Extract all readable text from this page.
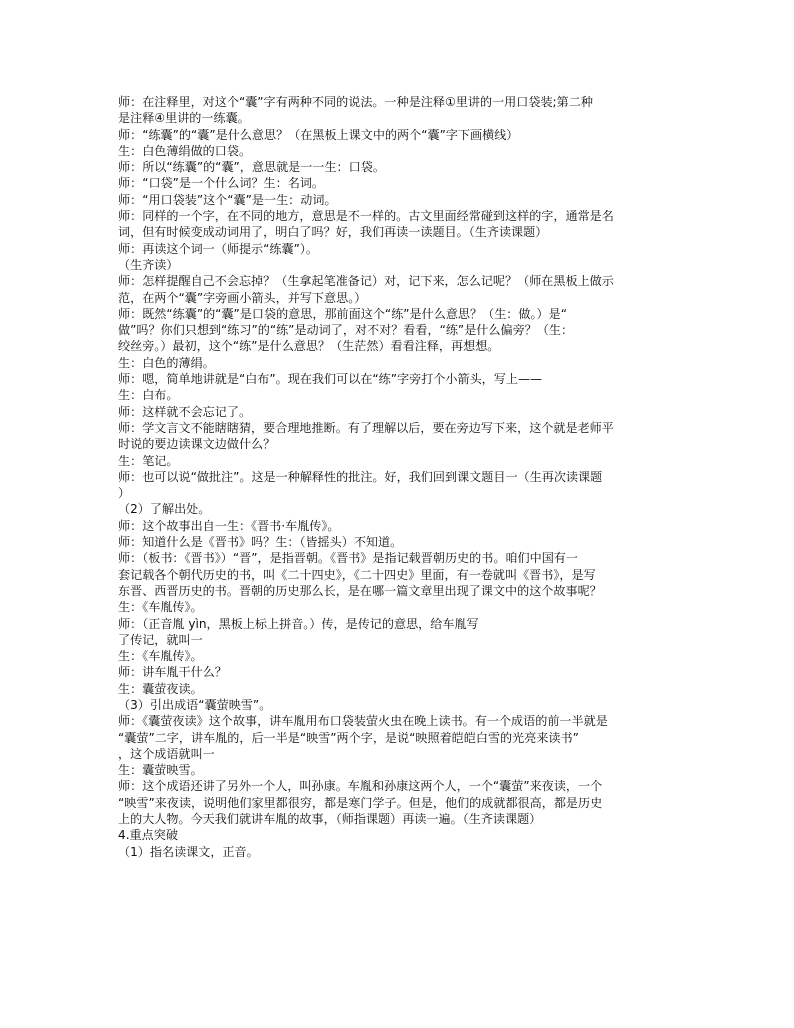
师：在注释里，对这个“囊”字有两种不同的说法。一种是注释①里讲的一用口袋装;第二种
是注释④里讲的一练囊。
师：“练囊”的“囊”是什么意思？（在黑板上课文中的两个“囊”字下画横线）
生：白色薄绢做的口袋。
师：所以“练囊”的“囊”，意思就是一一生：口袋。
师：“口袋”是一个什么词？生：名词。
师：“用口袋装”这个“囊”是一生：动词。
师：同样的一个字，在不同的地方，意思是不一样的。古文里面经常碰到这样的字，通常是名
词，但有时候变成动词用了，明白了吗？好，我们再读一读题目。（生齐读课题）
师：再读这个词一（师提示“练囊”）。
（生齐读）
师：怎样提醒自己不会忘掉？（生拿起笔准备记）对，记下来，怎么记呢？（师在黑板上做示
范，在两个“囊”字旁画小箭头，并写下意思。）
师：既然“练囊”的“囊”是口袋的意思，那前面这个“练”是什么意思？（生：做。）是“
做”吗？你们只想到“练习”的“练”是动词了，对不对？看看，“练”是什么偏旁？（生：
绞丝旁。）最初，这个“练”是什么意思？（生茫然）看看注释，再想想。
生：白色的薄绢。
师：嗯，简单地讲就是“白布”。现在我们可以在“练”字旁打个小箭头，写上——
生：白布。
师：这样就不会忘记了。
师：学文言文不能瞎瞎猜，要合理地推断。有了理解以后，要在旁边写下来，这个就是老师平
时说的要边读课文边做什么？
生：笔记。
师：也可以说“做批注”。这是一种解释性的批注。好，我们回到课文题目一（生再次读课题
）
（2）了解出处。
师：这个故事出自一生：《晋书·车胤传》。
师：知道什么是《晋书》吗？生：（皆摇头）不知道。
师：（板书：《晋书》）“晋”，是指晋朝。《晋书》是指记载晋朝历史的书。咱们中国有一
套记载各个朝代历史的书，叫《二十四史》，《二十四史》里面，有一卷就叫《晋书》，是写
东晋、西晋历史的书。晋朝的历史那么长，是在哪一篇文章里出现了课文中的这个故事呢？
生：《车胤传》。
师：（正音胤 yìn，黑板上标上拼音。）传，是传记的意思，给车胤写
了传记，就叫一
生：《车胤传》。
师：讲车胤干什么？
生：囊萤夜读。
（3）引出成语“囊萤映雪”。
师：《囊萤夜读》这个故事，讲车胤用布口袋装萤火虫在晚上读书。有一个成语的前一半就是
“囊萤”二字，讲车胤的，后一半是“映雪”两个字，是说“映照着皑皑白雪的光亮来读书”
，这个成语就叫一
生：囊萤映雪。
师：这个成语还讲了另外一个人，叫孙康。车胤和孙康这两个人，一个“囊萤”来夜读，一个
“映雪”来夜读，说明他们家里都很穷，都是寒门学子。但是，他们的成就都很高，都是历史
上的大人物。今天我们就讲车胤的故事，（师指课题）再读一遍。（生齐读课题）
4.重点突破
（1）指名读课文，正音。
